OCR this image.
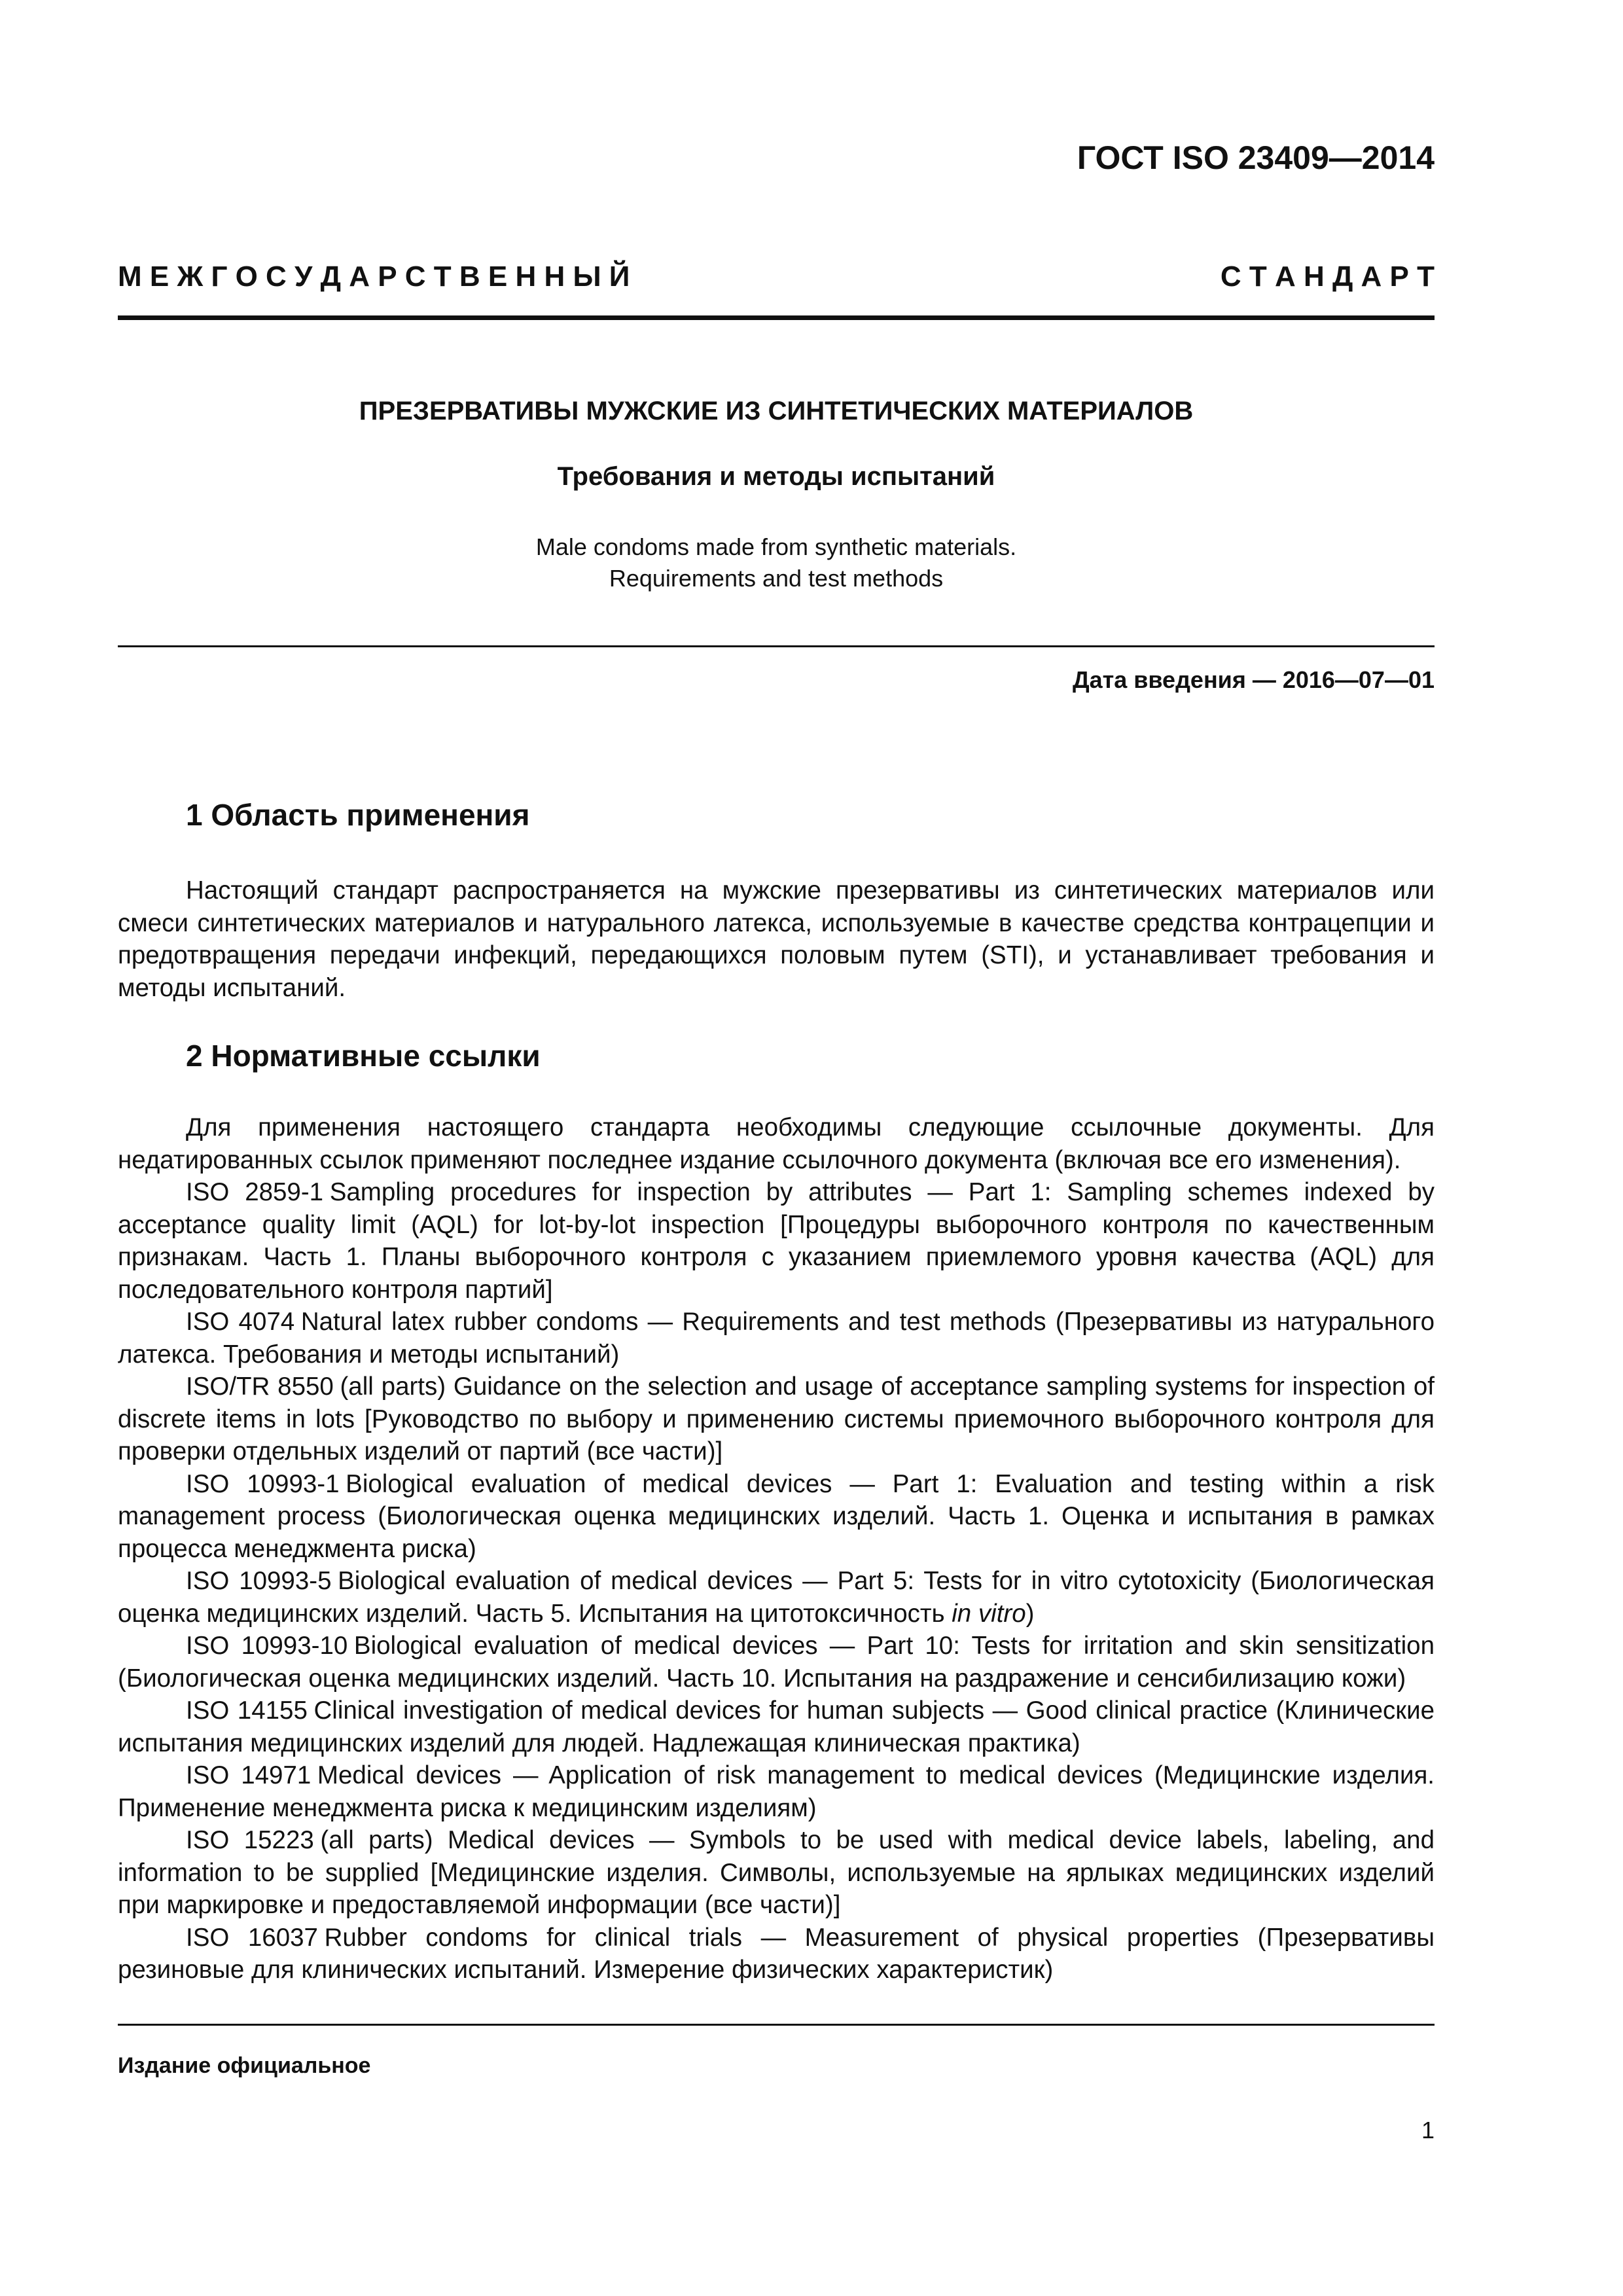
ГОСТ ISO 23409—2014
М Е Ж Г О С У Д А Р С Т В Е Н Н Ы Й	С Т А Н Д А Р Т
ПРЕЗЕРВАТИВЫ МУЖСКИЕ ИЗ СИНТЕТИЧЕСКИХ МАТЕРИАЛОВ
Требования и методы испытаний
Male condoms made from synthetic materials.
Requirements and test methods
Дата введения — 2016—07—01
1 Область применения

Настоящий стандарт распространяется на мужские презервативы из синтетических материалов или смеси синтетических материалов и натурального латекса, используемые в качестве средства контрацепции и предотвращения передачи инфекций, передающихся половым путем (STI), и устанавливает требования и методы испытаний.

2 Нормативные ссылки

Для применения настоящего стандарта необходимы следующие ссылочные документы. Для недатированных ссылок применяют последнее издание ссылочного документа (включая все его изменения).

ISO 2859-1 Sampling procedures for inspection by attributes — Part 1: Sampling schemes indexed by acceptance quality limit (AQL) for lot-by-lot inspection [Процедуры выборочного контроля по качественным признакам. Часть 1. Планы выборочного контроля с указанием приемлемого уровня качества (AQL) для последовательного контроля партий]

ISO 4074 Natural latex rubber condoms — Requirements and test methods (Презервативы из натурального латекса. Требования и методы испытаний)

ISO/TR 8550 (all parts) Guidance on the selection and usage of acceptance sampling systems for inspection of discrete items in lots [Руководство по выбору и применению системы приемочного выборочного контроля для проверки отдельных изделий от партий (все части)]

ISO 10993-1 Biological evaluation of medical devices — Part 1: Evaluation and testing within a risk management process (Биологическая оценка медицинских изделий. Часть 1. Оценка и испытания в рамках процесса менеджмента риска)

ISO 10993-5 Biological evaluation of medical devices — Part 5: Tests for in vitro cytotoxicity (Биологическая оценка медицинских изделий. Часть 5. Испытания на цитотоксичность in vitro)

ISO 10993-10 Biological evaluation of medical devices — Part 10: Tests for irritation and skin sensitization (Биологическая оценка медицинских изделий. Часть 10. Испытания на раздражение и сенсибилизацию кожи)

ISO 14155 Clinical investigation of medical devices for human subjects — Good clinical practice (Клинические испытания медицинских изделий для людей. Надлежащая клиническая практика)

ISO 14971 Medical devices — Application of risk management to medical devices (Медицинские изделия. Применение менеджмента риска к медицинским изделиям)

ISO 15223 (all parts) Medical devices — Symbols to be used with medical device labels, labeling, and information to be supplied [Медицинские изделия. Символы, используемые на ярлыках медицинских изделий при маркировке и предоставляемой информации (все части)]

ISO 16037 Rubber condoms for clinical trials — Measurement of physical properties (Презервативы резиновые для клинических испытаний. Измерение физических характеристик)

Издание официальное
1
